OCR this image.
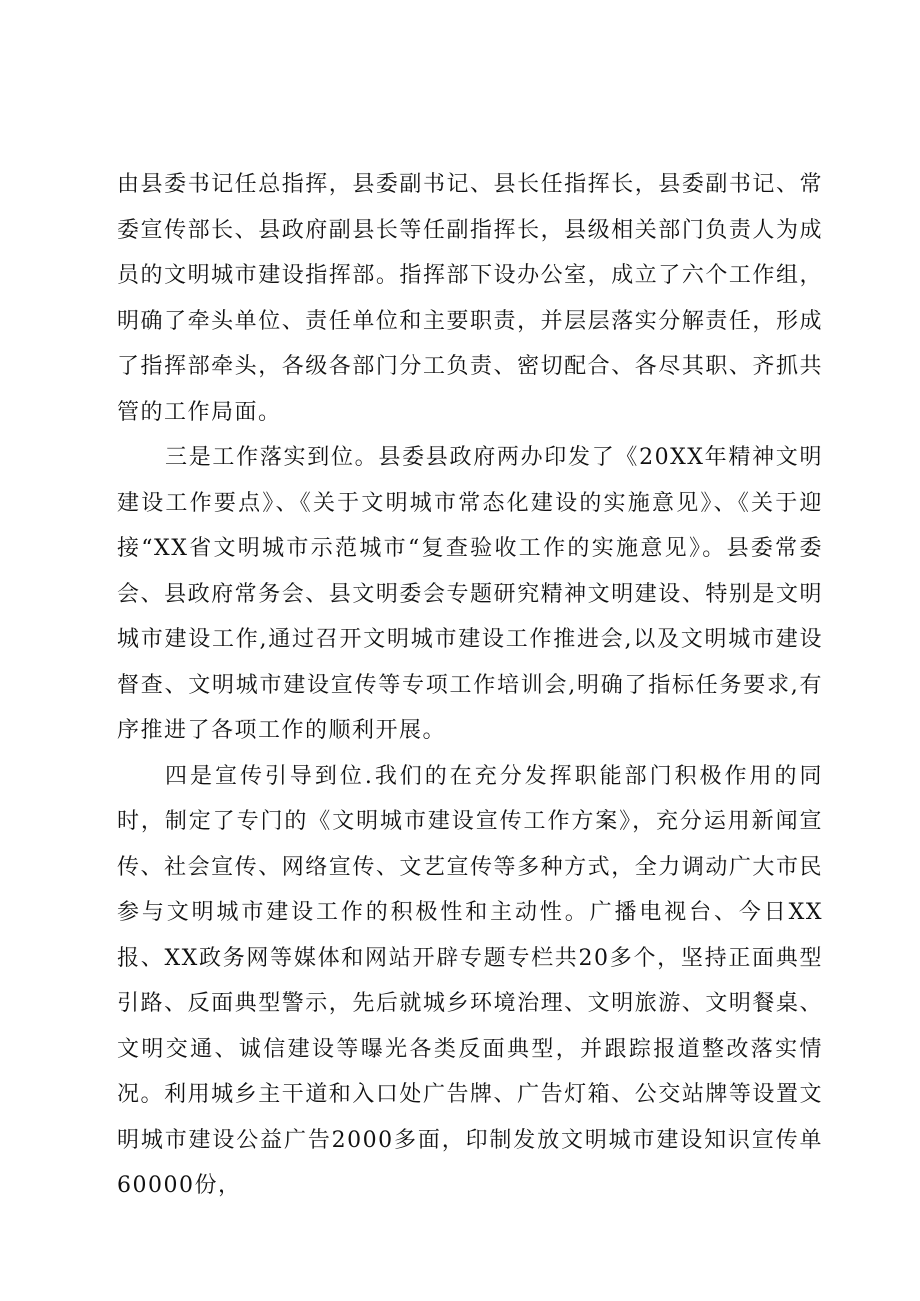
由县委书记任总指挥，县委副书记、县长任指挥长，县委副书记、常委宣传部长、县政府副县长等任副指挥长，县级相关部门负责人为成员的文明城市建设指挥部。指挥部下设办公室，成立了六个工作组，明确了牵头单位、责任单位和主要职责，并层层落实分解责任，形成了指挥部牵头，各级各部门分工负责、密切配合、各尽其职、齐抓共管的工作局面。

三是工作落实到位。县委县政府两办印发了《20XX年精神文明建设工作要点》、《关于文明城市常态化建设的实施意见》、《关于迎接“XX省文明城市示范城市“复查验收工作的实施意见》。县委常委会、县政府常务会、县文明委会专题研究精神文明建设、特别是文明城市建设工作,通过召开文明城市建设工作推进会,以及文明城市建设督查、文明城市建设宣传等专项工作培训会,明确了指标任务要求,有序推进了各项工作的顺利开展。

四是宣传引导到位.我们的在充分发挥职能部门积极作用的同时，制定了专门的《文明城市建设宣传工作方案》，充分运用新闻宣传、社会宣传、网络宣传、文艺宣传等多种方式，全力调动广大市民参与文明城市建设工作的积极性和主动性。广播电视台、今日XX报、XX政务网等媒体和网站开辟专题专栏共20多个，坚持正面典型引路、反面典型警示，先后就城乡环境治理、文明旅游、文明餐桌、文明交通、诚信建设等曝光各类反面典型，并跟踪报道整改落实情况。利用城乡主干道和入口处广告牌、广告灯箱、公交站牌等设置文明城市建设公益广告2000多面，印制发放文明城市建设知识宣传单60000份，
